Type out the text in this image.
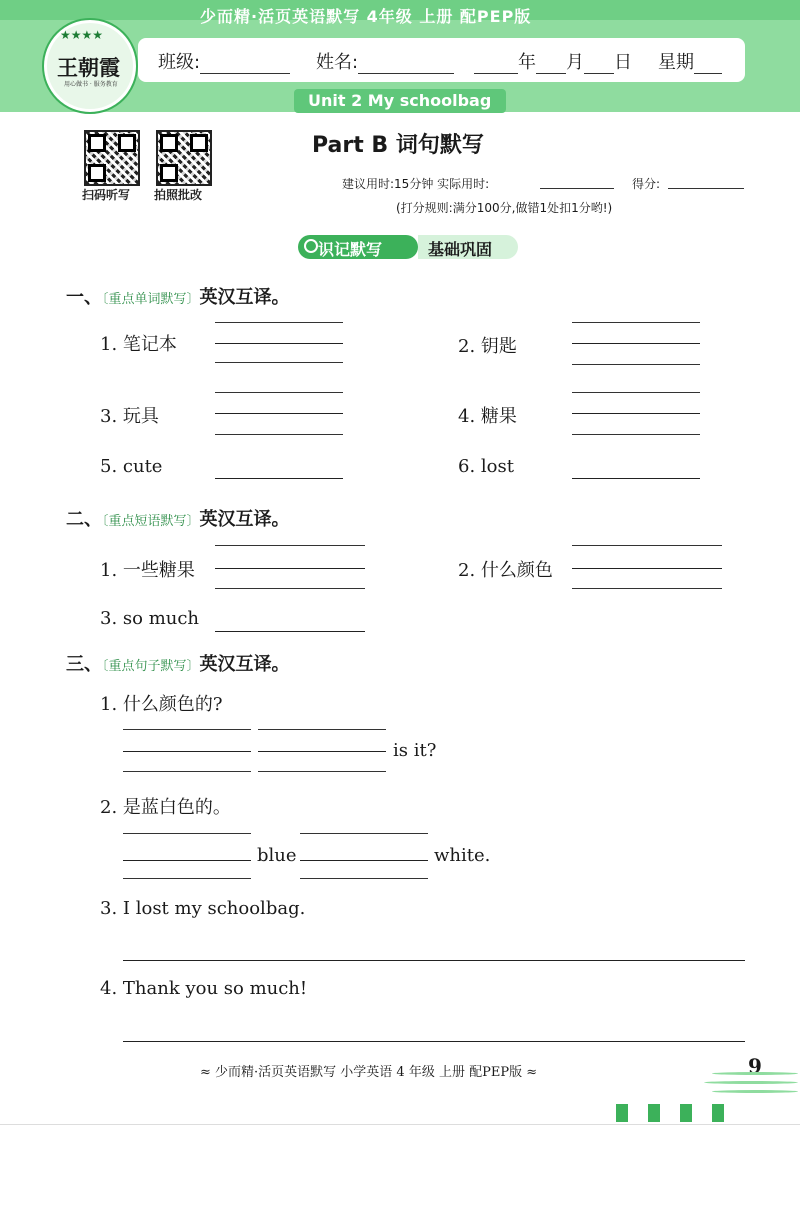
少而精·活页英语默写 4年级 上册 配PEP版
★★★★
王朝霞
用心做书 · 服务教育
班级:	姓名:	年 月 日 星期
Unit 2 My schoolbag
扫码听写 拍照批改
Part B 词句默写
建议用时:15分钟 实际用时:	得分:
(打分规则:满分100分,做错1处扣1分哟!)
识记默写	基础巩固
一、〔重点单词默写〕英汉互译。
1. 笔记本	2. 钥匙
3. 玩具	4. 糖果
5. cute	6. lost
二、〔重点短语默写〕英汉互译。
1. 一些糖果	2. 什么颜色
3. so much
三、〔重点句子默写〕英汉互译。
1. 什么颜色的?
is it?
2. 是蓝白色的。
blue	white.
3. I lost my schoolbag.
4. Thank you so much!
≈ 少而精·活页英语默写 小学英语 4 年级 上册 配PEP版 ≈	9
